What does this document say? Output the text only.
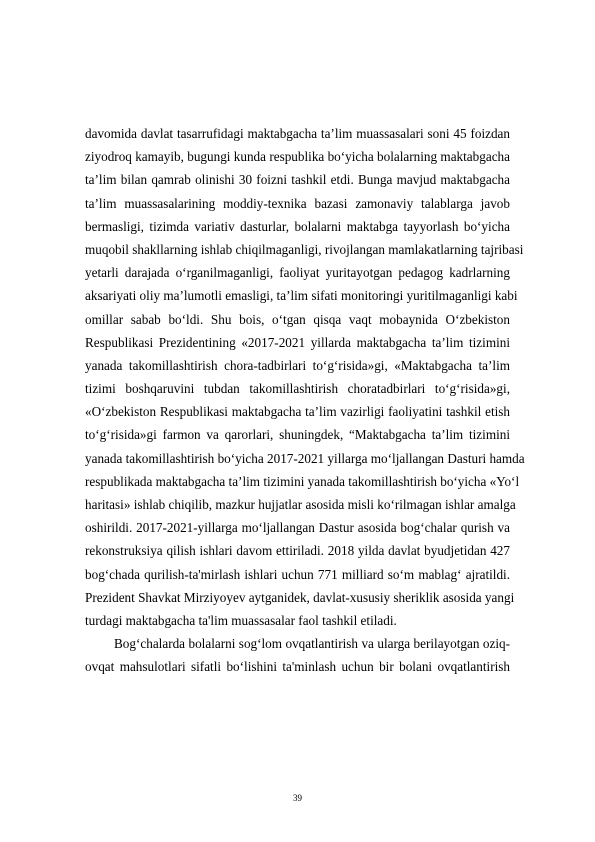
davomida davlat tasarrufidagi maktabgacha ta’lim muassasalari soni 45 foizdan
ziyodroq kamayib, bugungi kunda respublika bo‘yicha bolalarning maktabgacha
ta’lim bilan qamrab olinishi 30 foizni tashkil etdi. Bunga mavjud maktabgacha
ta’lim muassasalarining moddiy-texnika bazasi zamonaviy talablarga javob
bermasligi, tizimda variativ dasturlar, bolalarni maktabga tayyorlash bo‘yicha
muqobil shakllarning ishlab chiqilmaganligi, rivojlangan mamlakatlarning tajribasi
yetarli darajada o‘rganilmaganligi, faoliyat yuritayotgan pedagog kadrlarning
aksariyati oliy ma’lumotli emasligi, ta’lim sifati monitoringi yuritilmaganligi kabi
omillar sabab bo‘ldi. Shu bois, o‘tgan qisqa vaqt mobaynida O‘zbekiston
Respublikasi Prezidentining «2017-2021 yillarda maktabgacha ta’lim tizimini
yanada takomillashtirish chora-tadbirlari to‘g‘risida»gi, «Maktabgacha ta’lim
tizimi boshqaruvini tubdan takomillashtirish choratadbirlari to‘g‘risida»gi,
«O‘zbekiston Respublikasi maktabgacha ta’lim vazirligi faoliyatini tashkil etish
to‘g‘risida»gi farmon va qarorlari, shuningdek, “Maktabgacha ta’lim tizimini
yanada takomillashtirish bo‘yicha 2017-2021 yillarga mo‘ljallangan Dasturi hamda
respublikada maktabgacha ta’lim tizimini yanada takomillashtirish bo‘yicha «Yo‘l
haritasi» ishlab chiqilib, mazkur hujjatlar asosida misli ko‘rilmagan ishlar amalga
oshirildi. 2017-2021-yillarga mo‘ljallangan Dastur asosida bog‘chalar qurish va
rekonstruksiya qilish ishlari davom ettiriladi. 2018 yilda davlat byudjetidan 427
bog‘chada qurilish-ta'mirlash ishlari uchun 771 milliard so‘m mablag‘ ajratildi.
Prezident Shavkat Mirziyoyev aytganidek, davlat-xususiy sheriklik asosida yangi
turdagi maktabgacha ta'lim muassasalar faol tashkil etiladi.
Bog‘chalarda bolalarni sog‘lom ovqatlantirish va ularga berilayotgan oziq-
ovqat mahsulotlari sifatli bo‘lishini ta'minlash uchun bir bolani ovqatlantirish
39
